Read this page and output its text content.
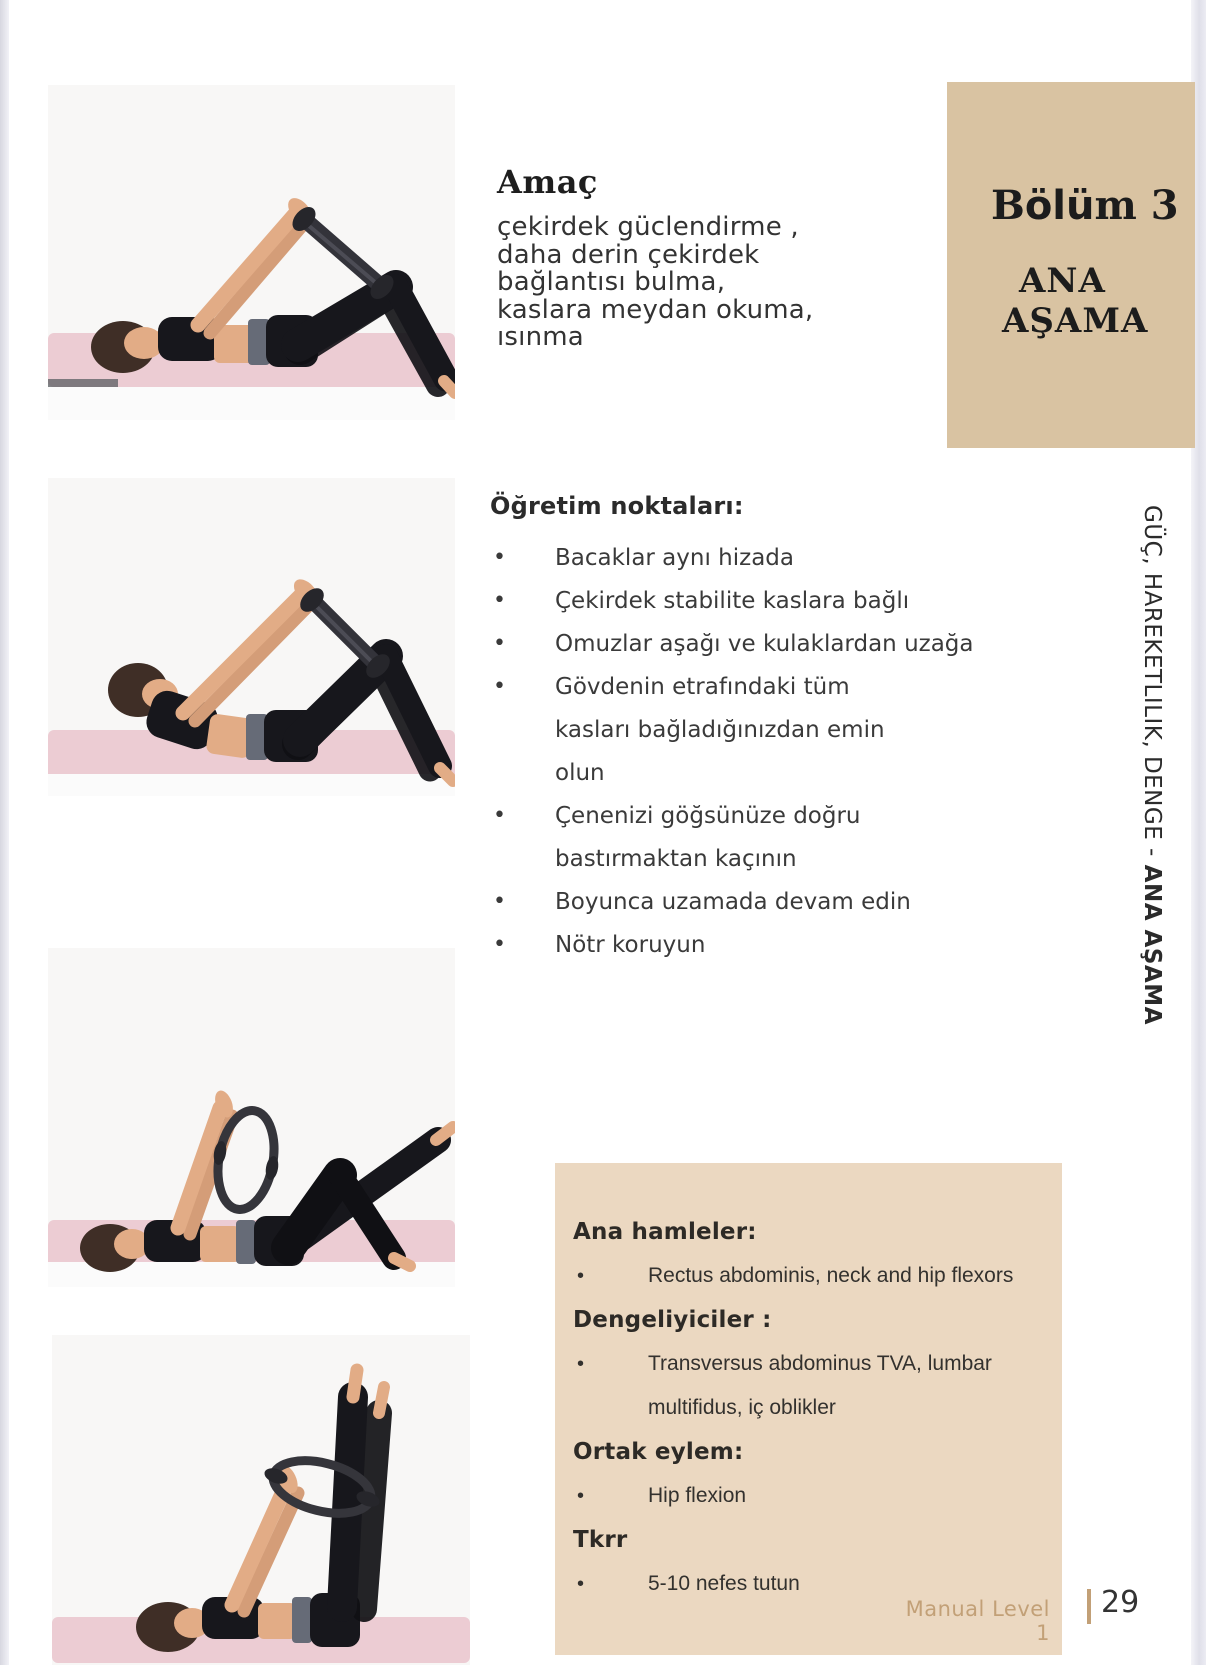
Amaç
çekirdek güclendirme ,
daha derin çekirdek
bağlantısı bulma,
kaslara meydan okuma,
ısınma
Bölüm 3
ANA
AŞAMA
GÜÇ, HAREKETLILIK, DENGE - ANA AŞAMA
Öğretim noktaları:
•	Bacaklar aynı hizada
•	Çekirdek stabilite kaslara bağlı
•	Omuzlar aşağı ve kulaklardan uzağa
•	Gövdenin etrafındaki tüm
kasları bağladığınızdan emin
olun
•	Çenenizi göğsünüze doğru
bastırmaktan kaçının
•	Boyunca uzamada devam edin
•	Nötr koruyun
Ana hamleler:
•	Rectus abdominis, neck and hip flexors
Dengeliyiciler :
•	Transversus abdominus TVA, lumbar
multifidus, iç oblikler
Ortak eylem:
•	Hip flexion
Tkrr
•	5-10 nefes tutun
Manual Level 1
29
